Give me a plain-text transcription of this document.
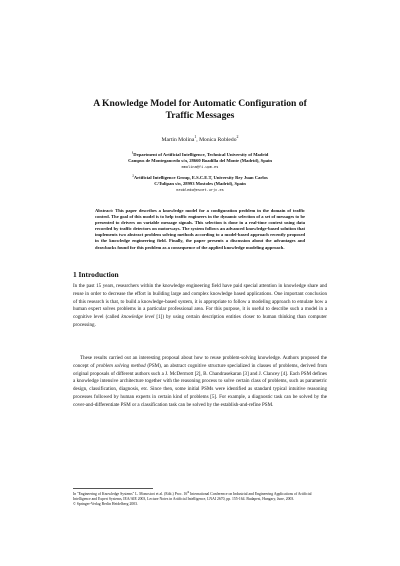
A Knowledge Model for Automatic Configuration of
Traffic Messages
Martin Molina$^1$, Monica Robledo$^2$
$^1$Department of Artificial Intelligence, Technical University of Madrid
Campus de Montegancedo s/n, 28660 Boadilla del Monte (Madrid), Spain
mmolina@fi.upm.es
$^2$Artificial Intelligence Group, E.S.C.E.T, University Rey Juan Carlos
C/Tulipan s/n, 28993 Mostoles (Madrid), Spain
mrobledo@escet.urjc.es
Abstract: This paper describes a knowledge model for a configuration problem in the domain of traffic control. The goal of this model is to help traffic engineers in the dynamic selection of a set of messages to be presented to drivers on variable message signals. This selection is done in a real-time context using data recorded by traffic detectors on motorways. The system follows an advanced knowledge-based solution that implements two abstract problem solving methods according to a model-based approach recently proposed in the knowledge engineering field. Finally, the paper presents a discussion about the advantages and drawbacks found for this problem as a consequence of the applied knowledge modeling approach.
1 Introduction

In the past 15 years, researchers within the knowledge engineering field have paid special attention in knowledge share and reuse in order to decrease the effort in building large and complex knowledge based applications. One important conclusion of this research is that, to build a knowledge-based system, it is appropriate to follow a modeling approach to emulate how a human expert solves problems in a particular professional area. For this purpose, it is useful to describe such a model in a cognitive level (called knowledge level [1]) by using certain description entities closer to human thinking than computer processing.

These results carried out an interesting proposal about how to reuse problem-solving knowledge. Authors proposed the concept of problem solving method (PSM), an abstract cognitive structure specialized in classes of problems, derived from original proposals of different authors such a J. McDermott [2], B. Chandrasekaran [3] and J. Clancey [4]. Each PSM defines a knowledge intensive architecture together with the reasoning process to solve certain class of problems, such as parametric design, classification, diagnosis, etc. Since then, some initial PSMs were identified as standard typical intuitive reasoning processes followed by human experts in certain kind of problems [5]. For example, a diagnostic task can be solved by the cover-and-differentiate PSM or a classification task can be solved by the establish-and-refine PSM.

In "Engineering of Knowledge Systems" L. Monostori et al. (Edit.) Proc. 16th International Conference on Industrial and Engineering Applications of Artificial Intelligence and Expert Systems, IEA/AIE 2003, Lecture Notes in Artificial Intelligence, LNAI 2670, pp. 155-164. Budapest, Hungary, June, 2003.
© Springer-Verlag Berlin Heidelberg 2003.
